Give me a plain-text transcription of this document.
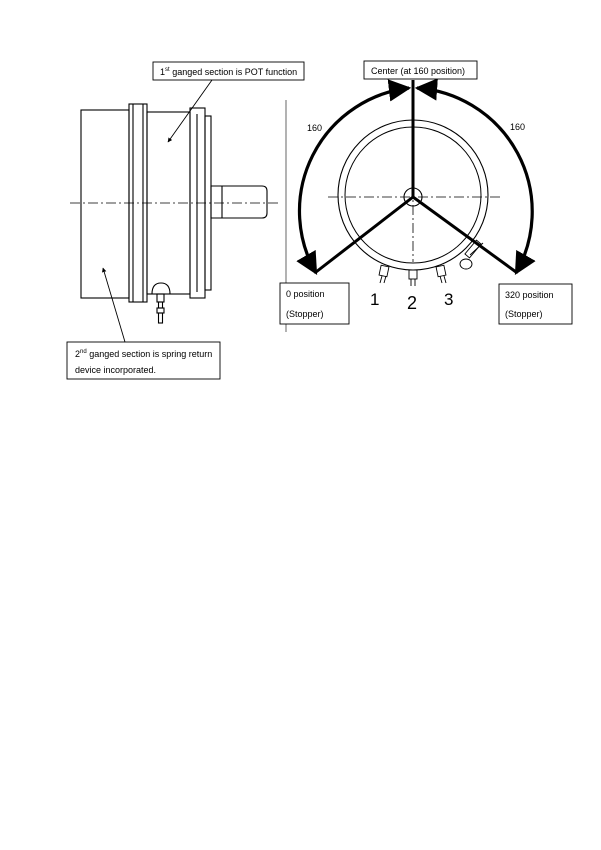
1st ganged section is POT function
2nd ganged section is spring return
device incorporated.
160	160
1 2 3
Center (at 160 position)
0 position
(Stopper)
320 position
(Stopper)
